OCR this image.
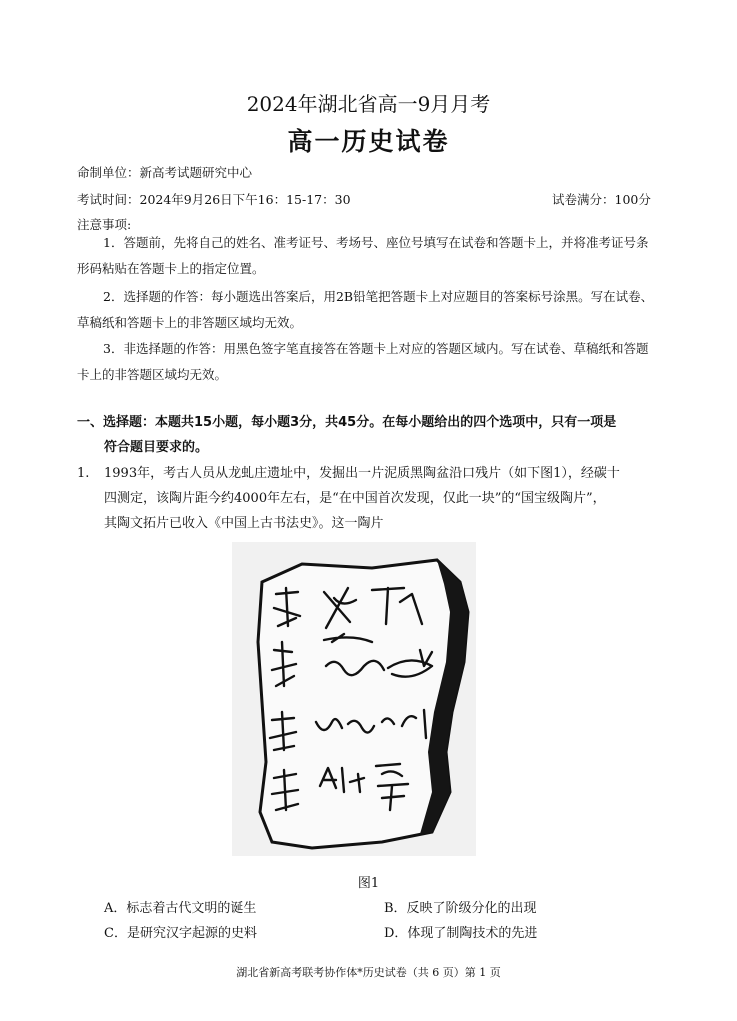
2024年湖北省高一9月月考
高一历史试卷
命制单位：新高考试题研究中心
考试时间：2024年9月26日下午16：15-17：30	试卷满分：100分
注意事项:
1．答题前，先将自己的姓名、准考证号、考场号、座位号填写在试卷和答题卡上，并将准考证号条
形码粘贴在答题卡上的指定位置。
2．选择题的作答：每小题选出答案后，用2B铅笔把答题卡上对应题目的答案标号涂黑。写在试卷、
草稿纸和答题卡上的非答题区域均无效。
3．非选择题的作答：用黑色签字笔直接答在答题卡上对应的答题区域内。写在试卷、草稿纸和答题
卡上的非答题区域均无效。
一、选择题：本题共15小题，每小题3分，共45分。在每小题给出的四个选项中，只有一项是
符合题目要求的。
1. 1993年，考古人员从龙虬庄遗址中，发掘出一片泥质黑陶盆沿口残片（如下图1），经碳十
四测定，该陶片距今约4000年左右，是“在中国首次发现，仅此一块”的“国宝级陶片”，
其陶文拓片已收入《中国上古书法史》。这一陶片
图1
A．标志着古代文明的诞生	B．反映了阶级分化的出现
C．是研究汉字起源的史料	D．体现了制陶技术的先进
湖北省新高考联考协作体*历史试卷（共 6 页）第 1 页
